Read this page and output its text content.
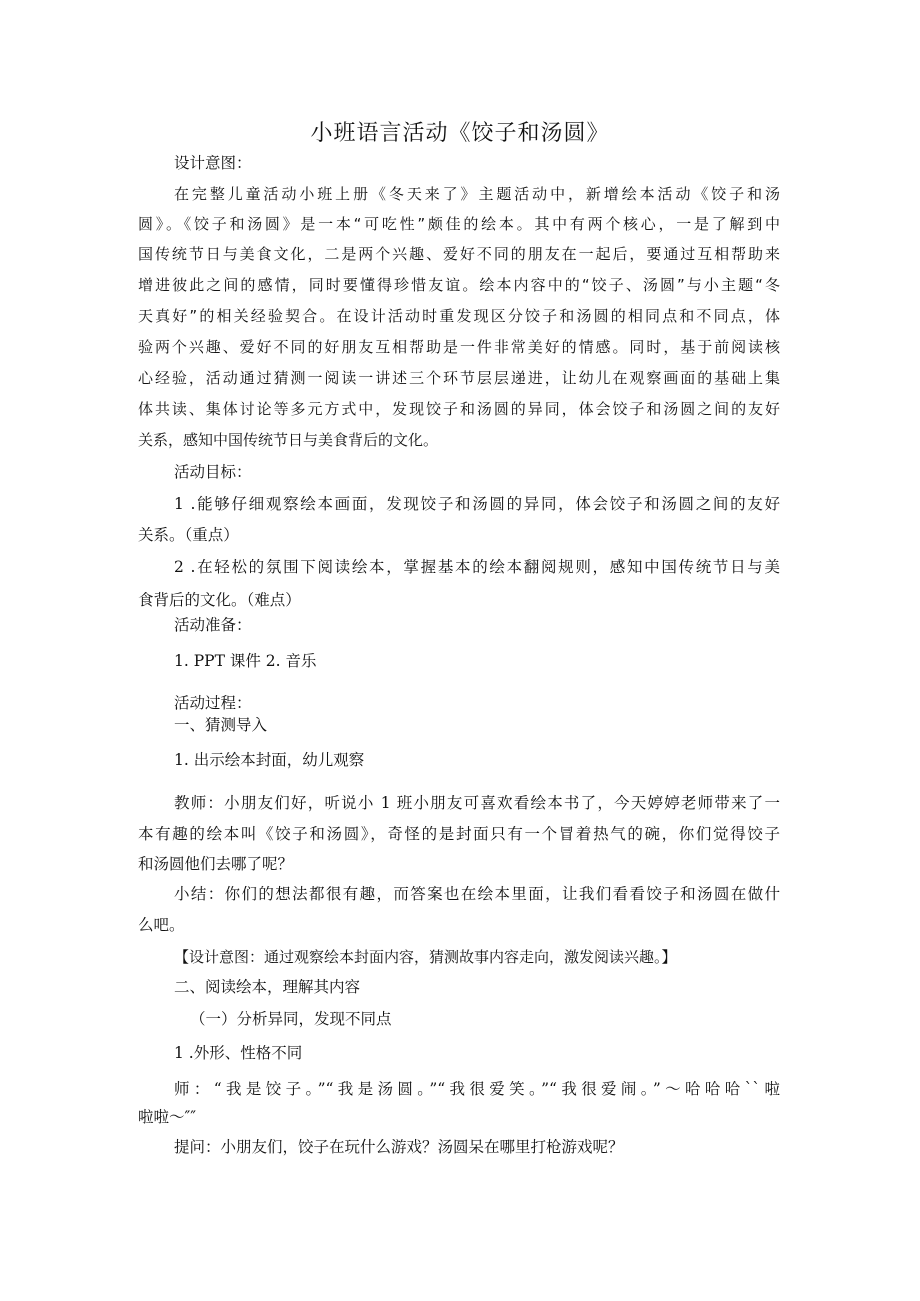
小班语言活动《饺子和汤圆》
设计意图：
在完整儿童活动小班上册《冬天来了》主题活动中，新增绘本活动《饺子和汤
圆》。《饺子和汤圆》是一本“可吃性”颇佳的绘本。其中有两个核心，一是了解到中
国传统节日与美食文化，二是两个兴趣、爱好不同的朋友在一起后，要通过互相帮助来
增进彼此之间的感情，同时要懂得珍惜友谊。绘本内容中的“饺子、汤圆”与小主题“冬
天真好”的相关经验契合。在设计活动时重发现区分饺子和汤圆的相同点和不同点，体
验两个兴趣、爱好不同的好朋友互相帮助是一件非常美好的情感。同时，基于前阅读核
心经验，活动通过猜测一阅读一讲述三个环节层层递进，让幼儿在观察画面的基础上集
体共读、集体讨论等多元方式中，发现饺子和汤圆的异同，体会饺子和汤圆之间的友好
关系，感知中国传统节日与美食背后的文化。
活动目标：
1 .能够仔细观察绘本画面，发现饺子和汤圆的异同，体会饺子和汤圆之间的友好
关系。（重点）
2 .在轻松的氛围下阅读绘本，掌握基本的绘本翻阅规则，感知中国传统节日与美
食背后的文化。（难点）
活动准备：
1. PPT 课件 2. 音乐
活动过程：
一、猜测导入
1. 出示绘本封面，幼儿观察
教师：小朋友们好，听说小 1 班小朋友可喜欢看绘本书了，今天婷婷老师带来了一
本有趣的绘本叫《饺子和汤圆》，奇怪的是封面只有一个冒着热气的碗，你们觉得饺子
和汤圆他们去哪了呢？
小结：你们的想法都很有趣，而答案也在绘本里面，让我们看看饺子和汤圆在做什
么吧。
【设计意图：通过观察绘本封面内容，猜测故事内容走向，激发阅读兴趣。】
二、阅读绘本，理解其内容
（一）分析异同，发现不同点
1 .外形、性格不同
师：“我是饺子。”“我是汤圆。”“我很爱笑。”“我很爱闹。”～哈哈哈``啦
啦啦～″″
提问：小朋友们，饺子在玩什么游戏？汤圆呆在哪里打枪游戏呢？
